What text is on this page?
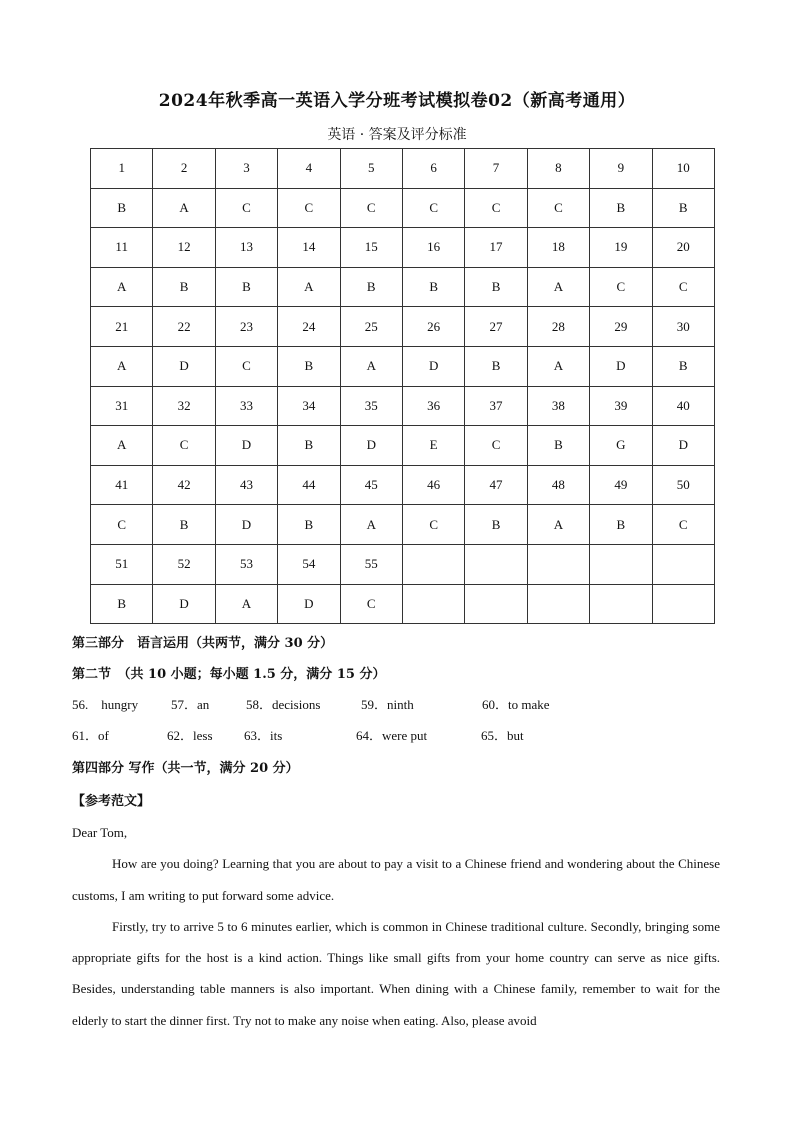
2024年秋季高一英语入学分班考试模拟卷02（新高考通用）
英语 · 答案及评分标准
1	2	3	4	5	6	7	8	9	10
B	A	C	C	C	C	C	C	B	B
11	12	13	14	15	16	17	18	19	20
A	B	B	A	B	B	B	A	C	C
21	22	23	24	25	26	27	28	29	30
A	D	C	B	A	D	B	A	D	B
31	32	33	34	35	36	37	38	39	40
A	C	D	B	D	E	C	B	G	D
41	42	43	44	45	46	47	48	49	50
C	B	D	B	A	C	B	A	B	C
51	52	53	54	55					
B	D	A	D	C					
第三部分　语言运用（共两节，满分 30 分）
第二节　（共 10 小题；每小题 1.5 分，满分 15 分）
56.　hungry	57．an	58．decisions	59．ninth	60．to make
61．of	62．less 63．its	64．were put	65．but
第四部分 写作（共一节，满分 20 分）
【参考范文】

Dear Tom,

How are you doing? Learning that you are about to pay a visit to a Chinese friend and wondering about the Chinese customs, I am writing to put forward some advice.

Firstly, try to arrive 5 to 6 minutes earlier, which is common in Chinese traditional culture. Secondly, bringing some appropriate gifts for the host is a kind action. Things like small gifts from your home country can serve as nice gifts. Besides, understanding table manners is also important. When dining with a Chinese family, remember to wait for the elderly to start the dinner first. Try not to make any noise when eating. Also, please avoid
